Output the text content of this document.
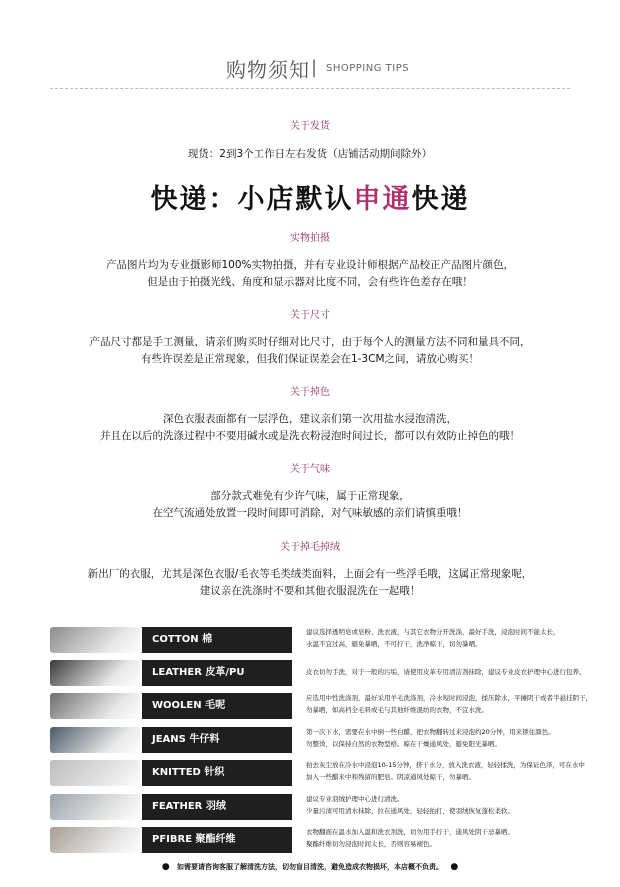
购物须知 | SHOPPING TIPS
关于发货
现货：2到3个工作日左右发货（店铺活动期间除外）
快递：小店默认申通快递
实物拍摄
产品图片均为专业摄影师100%实物拍摄，并有专业设计师根据产品校正产品图片颜色，
但是由于拍摄光线、角度和显示器对比度不同，会有些许色差存在哦！
关于尺寸
产品尺寸都是手工测量，请亲们购买时仔细对比尺寸，由于每个人的测量方法不同和量具不同，
有些许误差是正常现象，但我们保证误差会在1-3CM之间，请放心购买！
关于掉色
深色衣服表面都有一层浮色，建议亲们第一次用盐水浸泡清洗，
并且在以后的洗涤过程中不要用碱水或是洗衣粉浸泡时间过长，都可以有效防止掉色的哦！
关于气味
部分款式难免有少许气味，属于正常现象，
在空气流通处放置一段时间即可消除，对气味敏感的亲们请慎重哦！
关于掉毛掉绒
新出厂的衣服，尤其是深色衣服/毛衣等毛类绒类面料，上面会有一些浮毛哦，这属正常现象呢，
建议亲在洗涤时不要和其他衣服混洗在一起哦！
COTTON 棉
建议选择透明皂或皂粉、洗衣液，与其它衣物分开洗涤，最好手洗，浸泡时间不能太长，
水温不宜过高，避免暴晒，不可拧干，洗净晾干，切勿暴晒。
LEATHER 皮革/PU	皮衣切勿手洗，对于一般的污垢，请使用皮革专用清洁剂抹除，建议专业皮衣护理中心进行包养。
WOOLEN 毛呢
应选用中性洗涤剂，最好采用羊毛洗涤剂，冷水短时间浸泡，揉压除水，平摊阴干或者半悬挂阴干，
勿暴晒，如高档全毛料或毛与其他纤维混纺的衣物，不宜水洗。
JEANS 牛仔料
第一次下水，需要在水中倒一些白醋，把衣物翻转过来浸泡约20分钟，用来锁住颜色。
勿整烫，以保持自然的衣物型格。晾在干燥通风处，避免阳光暴晒。
KNITTED 针织
拍去灰尘放在冷水中浸泡10-15分钟，挤干水分，放入洗衣液，轻轻揉洗，为保证色泽，可在水中
加入一些醋来中和残留的肥皂。阴凉通风处晾干，勿暴晒。
FEATHER 羽绒
建议专业羽绒护理中心进行清洗。
少量污渍可用清水抹除，拉在通风处，轻轻拍打，使羽绒恢复蓬松柔软。
PFIBRE 聚酯纤维
衣物翻面在温水加入温和洗衣剂洗，切勿用手拧干，通风处阴干忌暴晒。
聚酯纤维切勿浸泡时间太长，否则容易褪色。
● 如需要请咨询客服了解清洗方法，切勿盲目清洗，避免造成衣物损坏，本店概不负责。 ●
